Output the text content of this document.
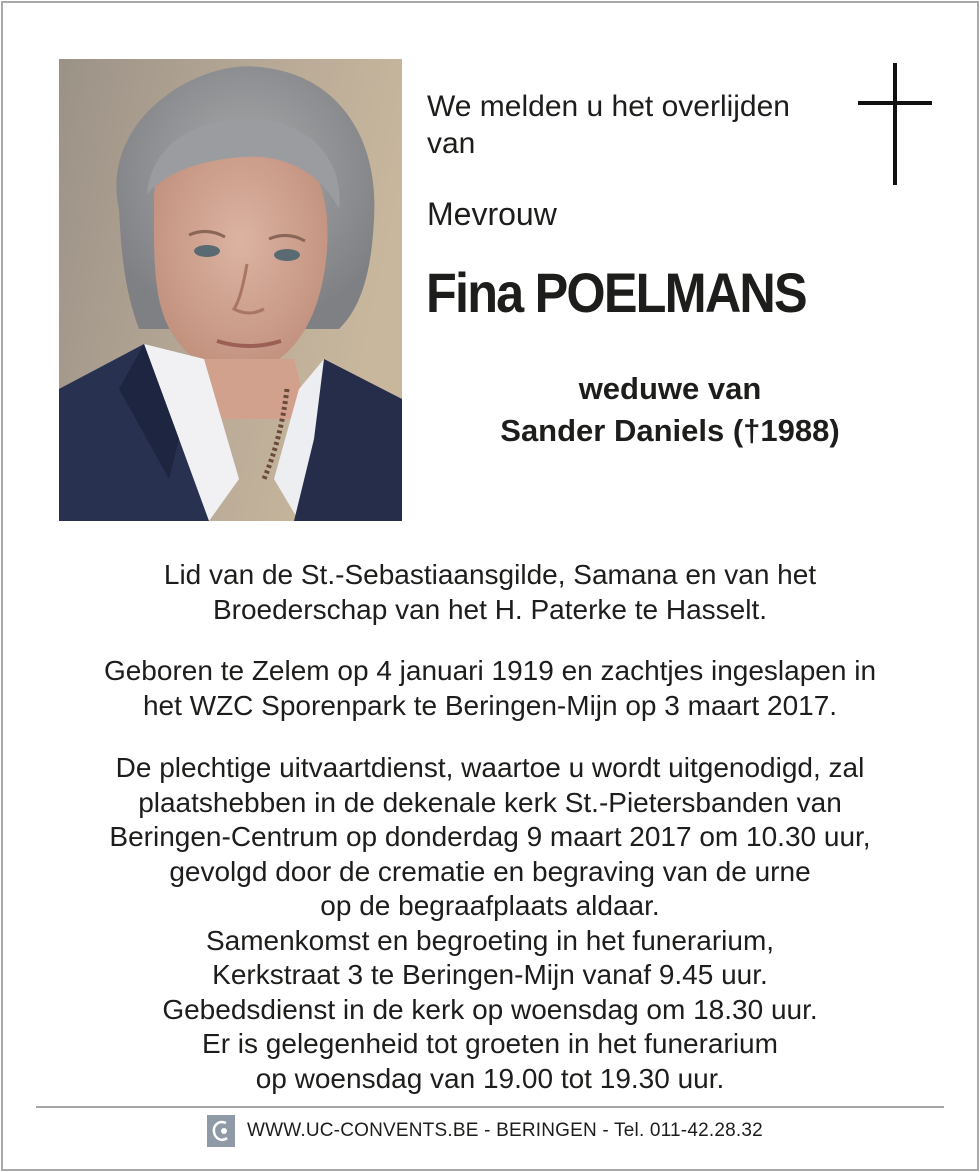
We melden u het overlijden
van
Mevrouw
Fina POELMANS
weduwe van
Sander Daniels (†1988)
Lid van de St.-Sebastiaansgilde, Samana en van het
Broederschap van het H. Paterke te Hasselt.
Geboren te Zelem op 4 januari 1919 en zachtjes ingeslapen in
het WZC Sporenpark te Beringen-Mijn op 3 maart 2017.
De plechtige uitvaartdienst, waartoe u wordt uitgenodigd, zal
plaatshebben in de dekenale kerk St.-Pietersbanden van
Beringen-Centrum op donderdag 9 maart 2017 om 10.30 uur,
gevolgd door de crematie en begraving van de urne
op de begraafplaats aldaar.
Samenkomst en begroeting in het funerarium,
Kerkstraat 3 te Beringen-Mijn vanaf 9.45 uur.
Gebedsdienst in de kerk op woensdag om 18.30 uur.
Er is gelegenheid tot groeten in het funerarium
op woensdag van 19.00 tot 19.30 uur.
WWW.UC-CONVENTS.BE - BERINGEN - Tel. 011-42.28.32
